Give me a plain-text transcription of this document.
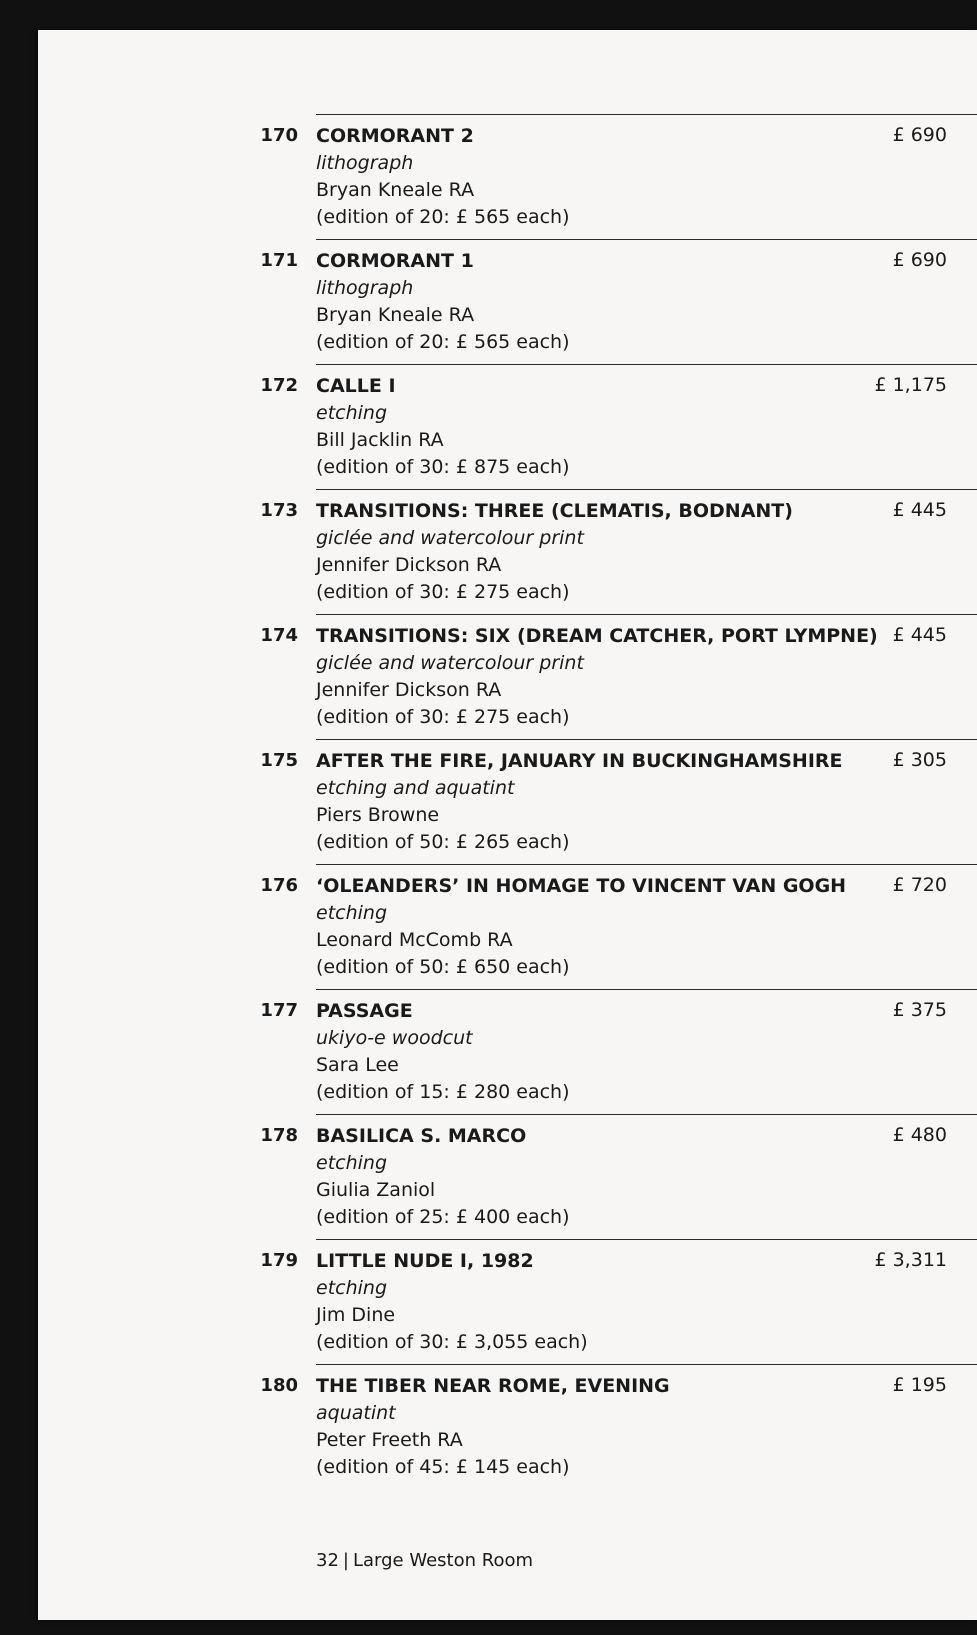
170 CORMORANT 2
lithograph
Bryan Kneale RA
(edition of 20: £ 565 each)
£ 690
171 CORMORANT 1
lithograph
Bryan Kneale RA
(edition of 20: £ 565 each)
£ 690
172 CALLE I
etching
Bill Jacklin RA
(edition of 30: £ 875 each)
£ 1,175
173 TRANSITIONS: THREE (CLEMATIS, BODNANT)
giclée and watercolour print
Jennifer Dickson RA
(edition of 30: £ 275 each)
£ 445
174 TRANSITIONS: SIX (DREAM CATCHER, PORT LYMPNE)
giclée and watercolour print
Jennifer Dickson RA
(edition of 30: £ 275 each)
£ 445
175 AFTER THE FIRE, JANUARY IN BUCKINGHAMSHIRE
etching and aquatint
Piers Browne
(edition of 50: £ 265 each)
£ 305
176 ‘OLEANDERS’ IN HOMAGE TO VINCENT VAN GOGH
etching
Leonard McComb RA
(edition of 50: £ 650 each)
£ 720
177 PASSAGE
ukiyo-e woodcut
Sara Lee
(edition of 15: £ 280 each)
£ 375
178 BASILICA S. MARCO
etching
Giulia Zaniol
(edition of 25: £ 400 each)
£ 480
179 LITTLE NUDE I, 1982
etching
Jim Dine
(edition of 30: £ 3,055 each)
£ 3,311
180 THE TIBER NEAR ROME, EVENING
aquatint
Peter Freeth RA
(edition of 45: £ 145 each)
£ 195
32 | Large Weston Room
